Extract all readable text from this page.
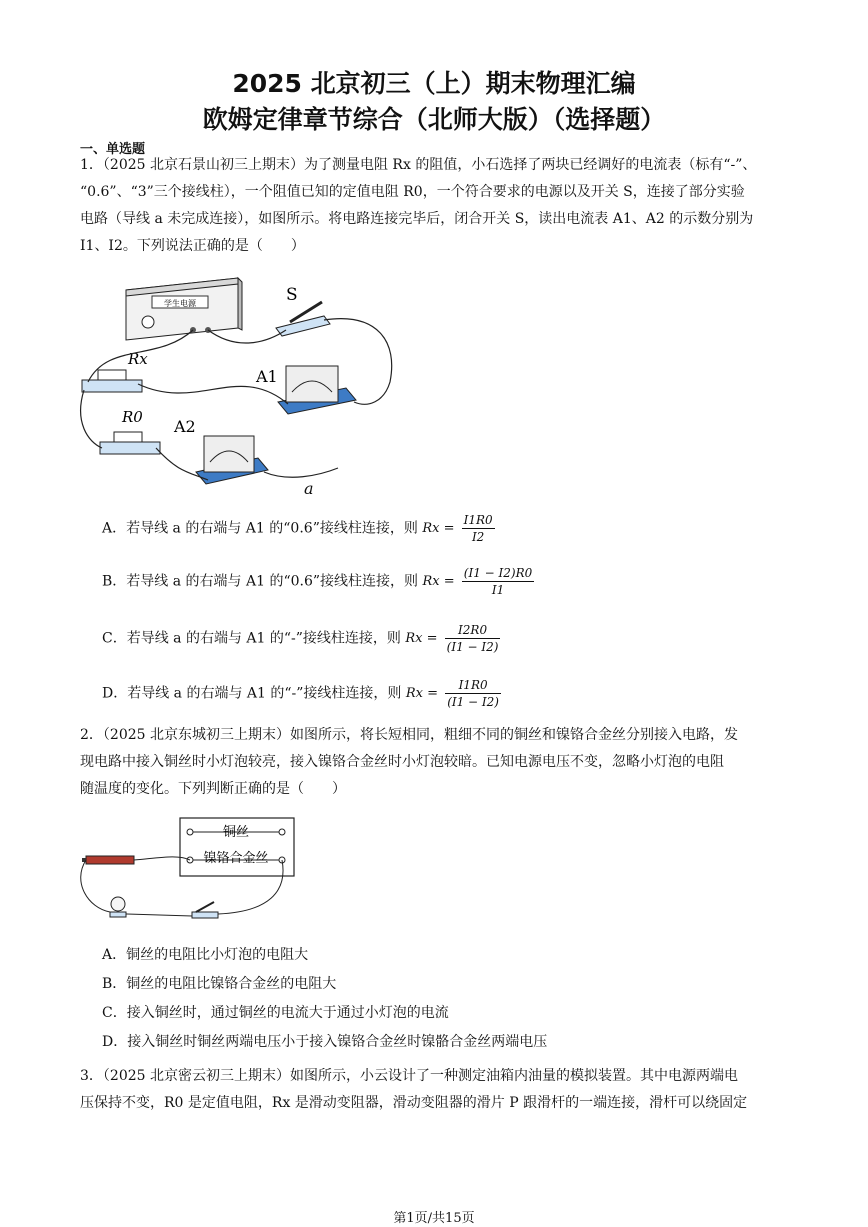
2025 北京初三（上）期末物理汇编
欧姆定律章节综合（北师大版）（选择题）
一、单选题
1．（2025 北京石景山初三上期末）为了测量电阻 Rx 的阻值，小石选择了两块已经调好的电流表（标有“-”、
“0.6”、“3”三个接线柱），一个阻值已知的定值电阻 R0，一个符合要求的电源以及开关 S，连接了部分实验
电路（导线 a 未完成连接），如图所示。将电路连接完毕后，闭合开关 S，读出电流表 A1、A2 的示数分别为
I1、I2。下列说法正确的是（　　）
学生电源	S
Rx
R0
A1
A2
a
A．若导线 a 的右端与 A1 的“0.6”接线柱连接，则 $Rx = \frac{I1R0}{I2}$
B．若导线 a 的右端与 A1 的“0.6”接线柱连接，则 $Rx = \frac{(I1 - I2)R0}{I1}$
C．若导线 a 的右端与 A1 的“-”接线柱连接，则 $Rx = \frac{I2R0}{(I1 - I2)}$
D．若导线 a 的右端与 A1 的“-”接线柱连接，则 $Rx = \frac{I1R0}{(I1 - I2)}$
2．（2025 北京东城初三上期末）如图所示，将长短相同，粗细不同的铜丝和镍铬合金丝分别接入电路，发
现电路中接入铜丝时小灯泡较亮，接入镍铬合金丝时小灯泡较暗。已知电源电压不变，忽略小灯泡的电阻
随温度的变化。下列判断正确的是（　　）
铜丝
镍铬合金丝
A．铜丝的电阻比小灯泡的电阻大
B．铜丝的电阻比镍铬合金丝的电阻大
C．接入铜丝时，通过铜丝的电流大于通过小灯泡的电流
D．接入铜丝时铜丝两端电压小于接入镍铬合金丝时镍骼合金丝两端电压
3．（2025 北京密云初三上期末）如图所示，小云设计了一种测定油箱内油量的模拟装置。其中电源两端电
压保持不变，R0 是定值电阻，Rx 是滑动变阻器，滑动变阻器的滑片 P 跟滑杆的一端连接，滑杆可以绕固定
第1页/共15页
